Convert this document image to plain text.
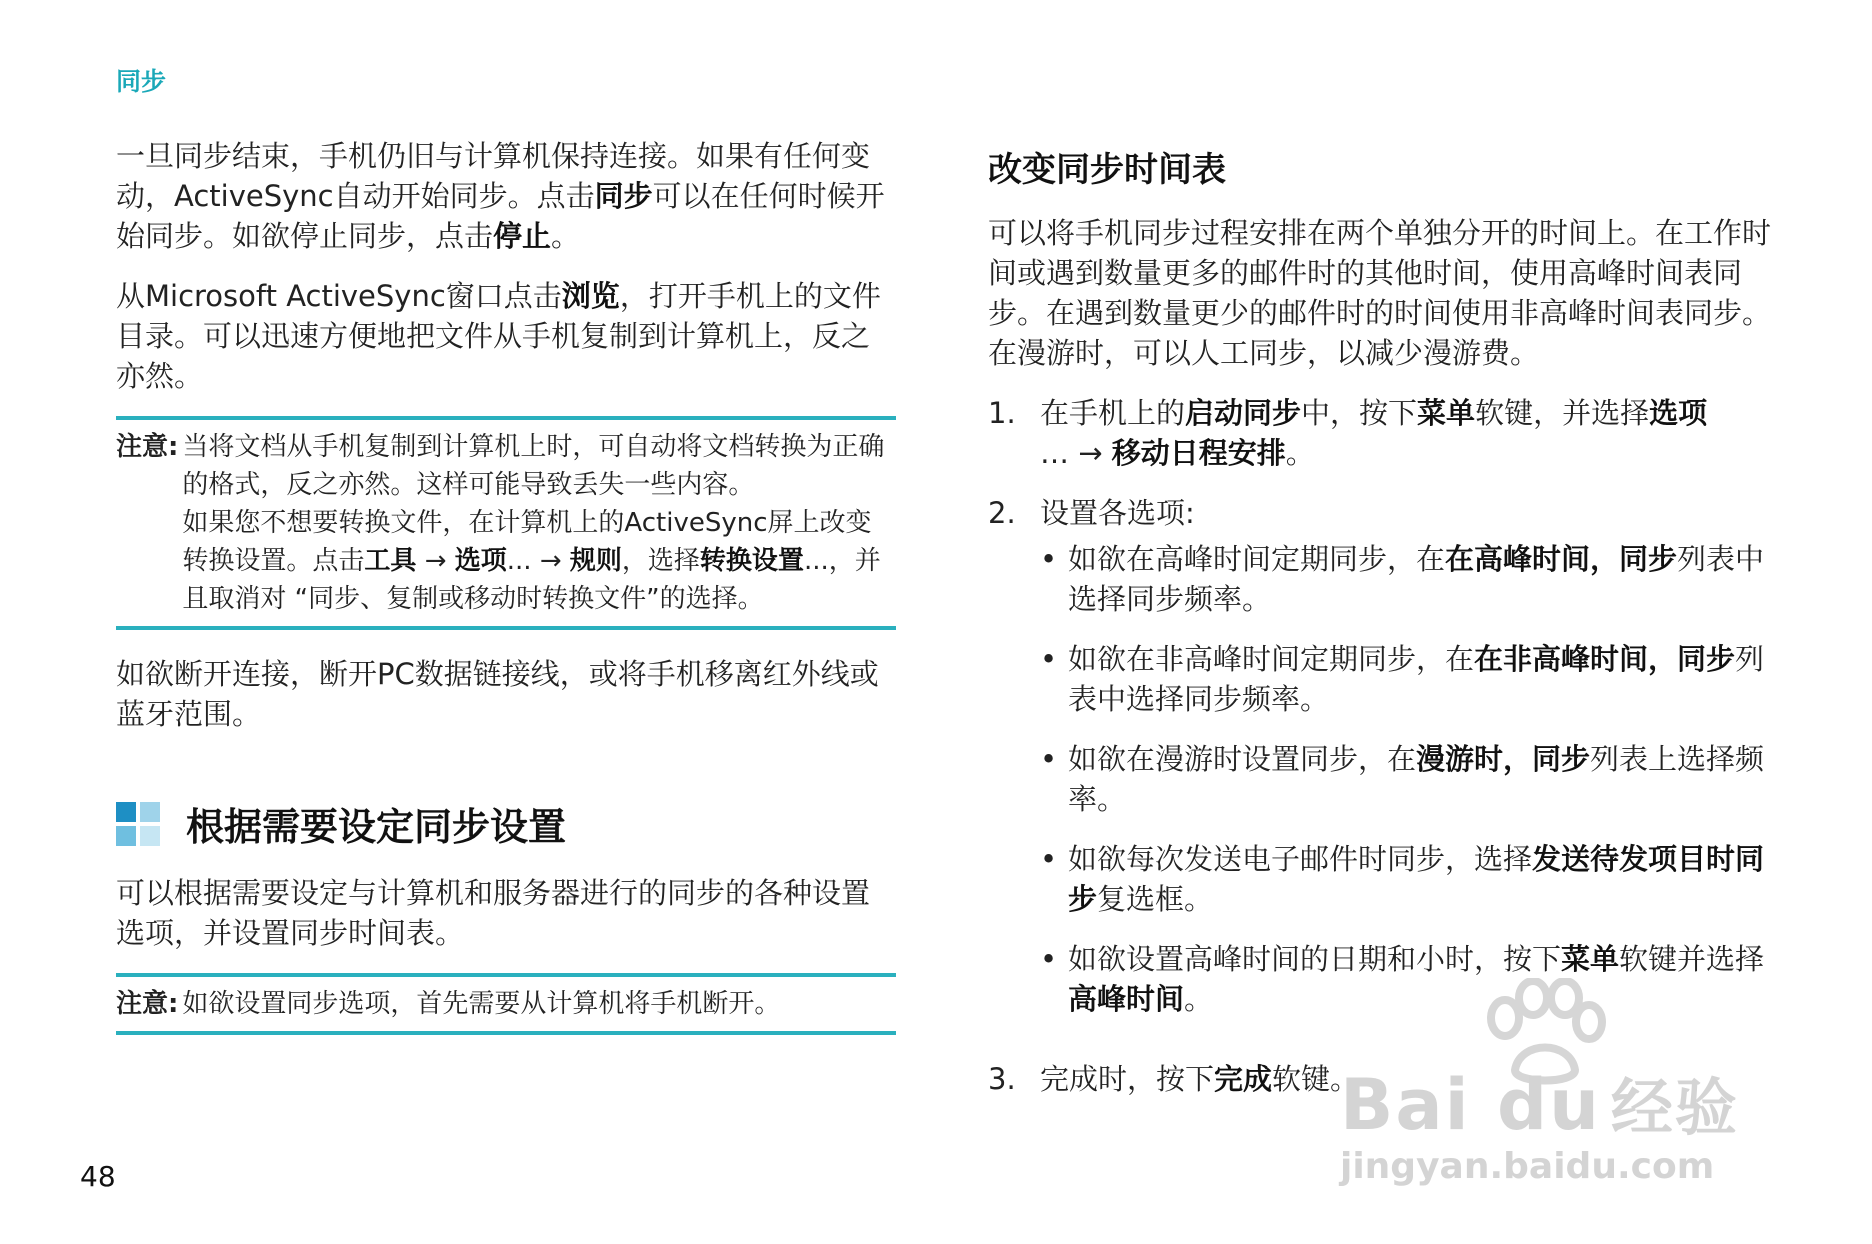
同步

一旦同步结束，手机仍旧与计算机保持连接。如果有任何变动，ActiveSync自动开始同步。点击同步可以在任何时候开始同步。如欲停止同步，点击停止。

从Microsoft ActiveSync窗口点击浏览，打开手机上的文件目录。可以迅速方便地把文件从手机复制到计算机上，反之亦然。

注意: 当将文档从手机复制到计算机上时，可自动将文档转换为正确的格式，反之亦然。这样可能导致丢失一些内容。
如果您不想要转换文件，在计算机上的ActiveSync屏上改变转换设置。点击工具 → 选项... → 规则，选择转换设置...，并且取消对 “同步、复制或移动时转换文件”的选择。

如欲断开连接，断开PC数据链接线，或将手机移离红外线或蓝牙范围。

根据需要设定同步设置

可以根据需要设定与计算机和服务器进行的同步的各种设置选项，并设置同步时间表。

注意: 如欲设置同步选项，首先需要从计算机将手机断开。
改变同步时间表

可以将手机同步过程安排在两个单独分开的时间上。在工作时间或遇到数量更多的邮件时的其他时间，使用高峰时间表同步。在遇到数量更少的邮件时的时间使用非高峰时间表同步。在漫游时，可以人工同步，以减少漫游费。

1. 在手机上的启动同步中，按下菜单软键，并选择选项
… → 移动日程安排。
2. 设置各选项:
• 如欲在高峰时间定期同步，在在高峰时间，同步列表中选择同步频率。
• 如欲在非高峰时间定期同步，在在非高峰时间，同步列表中选择同步频率。
• 如欲在漫游时设置同步，在漫游时，同步列表上选择频率。
• 如欲每次发送电子邮件时同步，选择发送待发项目时同步复选框。
• 如欲设置高峰时间的日期和小时，按下菜单软键并选择高峰时间。
3. 完成时，按下完成软键。
48
Bai du 经验
jingyan.baidu.com
